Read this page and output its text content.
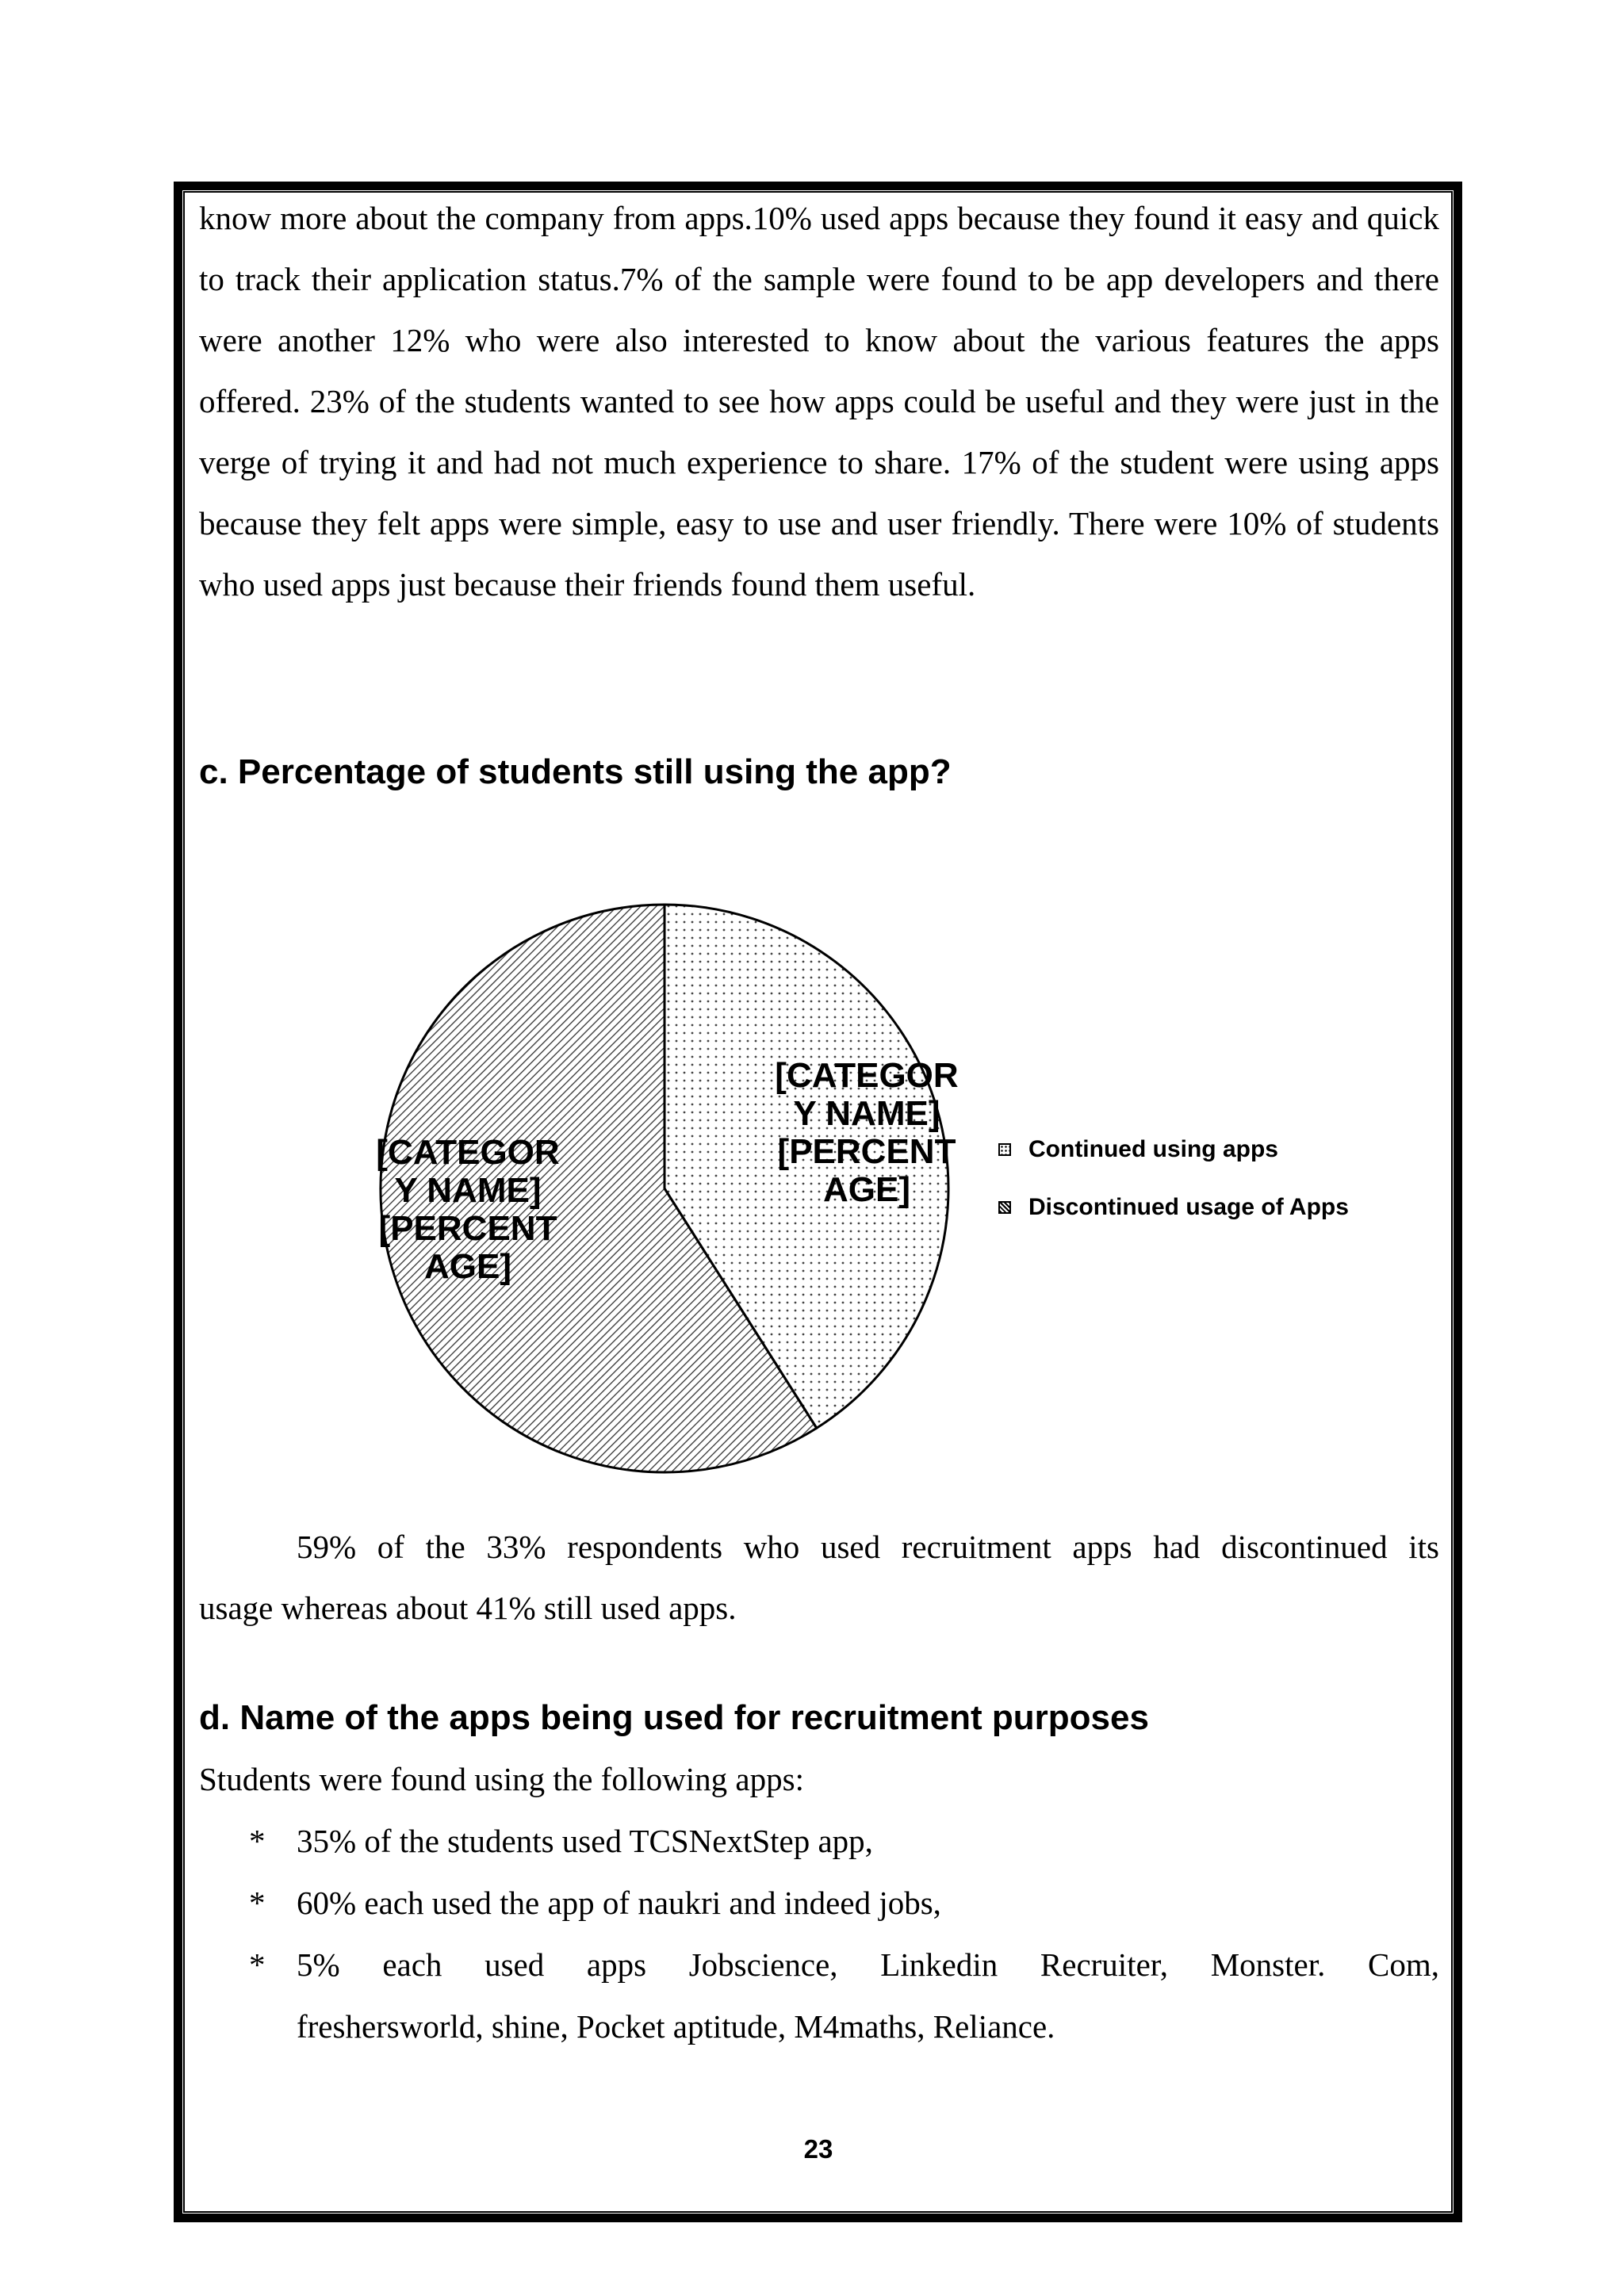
know more about the company from apps.10% used apps because they found it easy and quick to track their application status.7% of the sample were found to be app developers and there were another 12% who were also interested to know about the various features the apps offered. 23% of the students wanted to see how apps could be useful and they were just in the verge of trying it and had not much experience to share. 17% of the student were using apps because they felt apps were simple, easy to use and user friendly. There were 10% of students who used apps just because their friends found them useful.
c. Percentage of students still using the app?
[CATEGOR
Y NAME]
[PERCENT
AGE]
[CATEGOR
Y NAME]
[PERCENT
AGE]
Continued using apps
Discontinued usage of Apps
59% of the 33% respondents who used recruitment apps had discontinued its
usage whereas about 41% still used apps.
d. Name of the apps being used for recruitment purposes
Students were found using the following apps:
* 35% of the students used TCSNextStep app,
* 60% each used the app of naukri and indeed jobs,
* 5% each used apps Jobscience, Linkedin Recruiter, Monster. Com,
freshersworld, shine, Pocket aptitude, M4maths, Reliance.
23
